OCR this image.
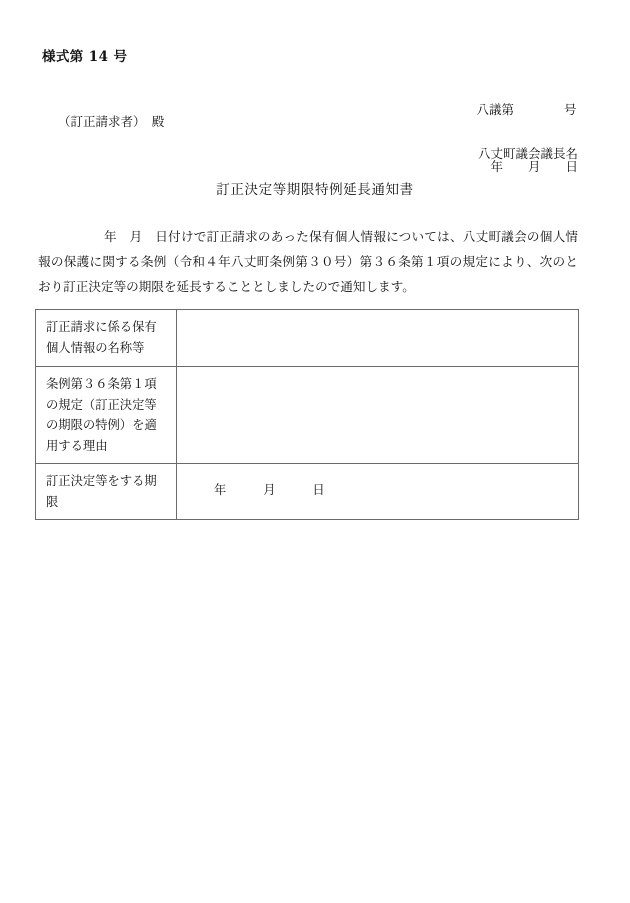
様式第 14 号

八議第　　　　号

年　　月　　日

（訂正請求者）　殿
八丈町議会議長名
訂正決定等期限特例延長通知書
年　月　日付けで訂正請求のあった保有個人情報については、八丈町議会の個人情報の保護に関する条例（令和４年八丈町条例第３０号）第３６条第１項の規定により、次のとおり訂正決定等の期限を延長することとしましたので通知します。
訂正請求に係る保有個人情報の名称等	

条例第３６条第１項の規定（訂正決定等の期限の特例）を適用する理由	

訂正決定等をする期限	年　　　月　　　日
